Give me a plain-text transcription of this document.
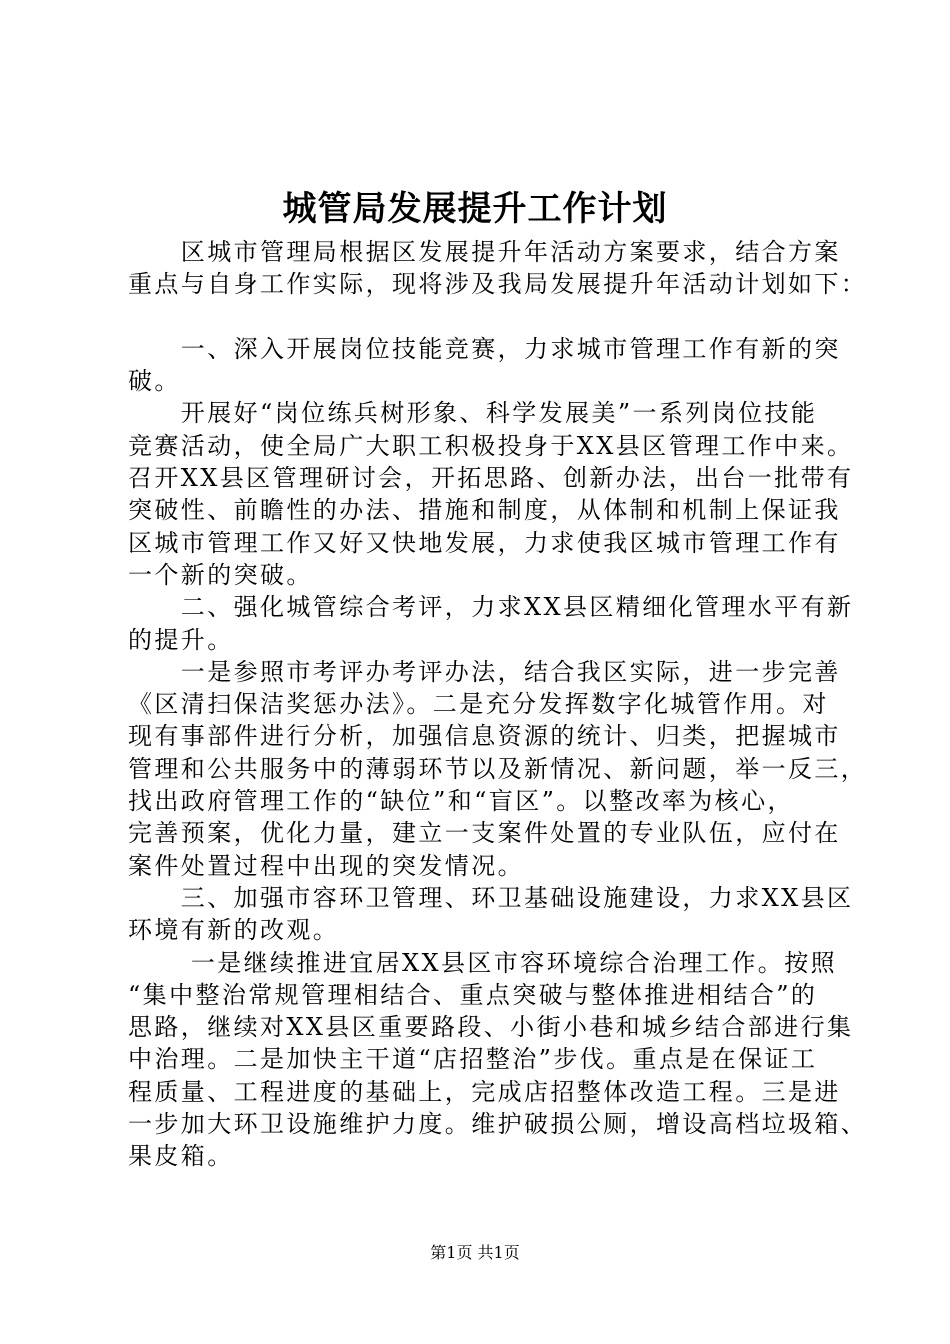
城管局发展提升工作计划
　　区城市管理局根据区发展提升年活动方案要求，结合方案
重点与自身工作实际，现将涉及我局发展提升年活动计划如下：
　　一、深入开展岗位技能竞赛，力求城市管理工作有新的突
破。
　　开展好“岗位练兵树形象、科学发展美”一系列岗位技能
竞赛活动，使全局广大职工积极投身于XX县区管理工作中来。
召开XX县区管理研讨会，开拓思路、创新办法，出台一批带有
突破性、前瞻性的办法、措施和制度，从体制和机制上保证我
区城市管理工作又好又快地发展，力求使我区城市管理工作有
一个新的突破。
　　二、强化城管综合考评，力求XX县区精细化管理水平有新
的提升。
　　一是参照市考评办考评办法，结合我区实际，进一步完善
《区清扫保洁奖惩办法》。二是充分发挥数字化城管作用。对
现有事部件进行分析，加强信息资源的统计、归类，把握城市
管理和公共服务中的薄弱环节以及新情况、新问题，举一反三，
找出政府管理工作的“缺位”和“盲区”。以整改率为核心，
完善预案，优化力量，建立一支案件处置的专业队伍，应付在
案件处置过程中出现的突发情况。
　　三、加强市容环卫管理、环卫基础设施建设，力求XX县区
环境有新的改观。
　　 一是继续推进宜居XX县区市容环境综合治理工作。按照
“集中整治常规管理相结合、重点突破与整体推进相结合”的
思路，继续对XX县区重要路段、小街小巷和城乡结合部进行集
中治理。二是加快主干道“店招整治”步伐。重点是在保证工
程质量、工程进度的基础上，完成店招整体改造工程。三是进
一步加大环卫设施维护力度。维护破损公厕，增设高档垃圾箱、
果皮箱。
第1页 共1页
